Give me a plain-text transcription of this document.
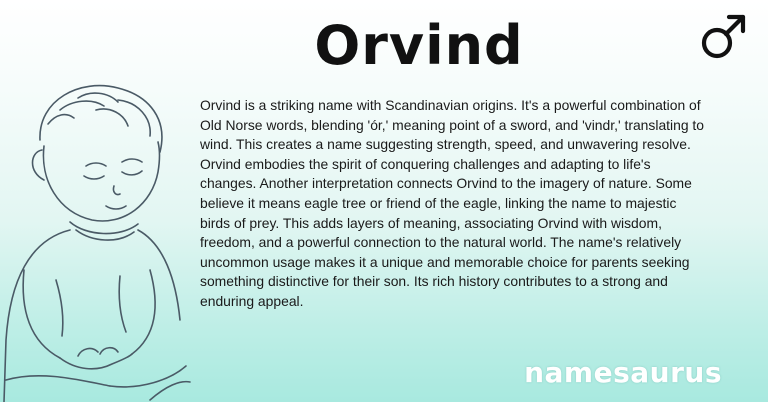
Orvind
Orvind is a striking name with Scandinavian origins. It's a powerful combination of Old Norse words, blending 'ór,' meaning point of a sword, and 'vindr,' translating to wind. This creates a name suggesting strength, speed, and unwavering resolve. Orvind embodies the spirit of conquering challenges and adapting to life's changes. Another interpretation connects Orvind to the imagery of nature. Some believe it means eagle tree or friend of the eagle, linking the name to majestic birds of prey. This adds layers of meaning, associating Orvind with wisdom, freedom, and a powerful connection to the natural world. The name's relatively uncommon usage makes it a unique and memorable choice for parents seeking something distinctive for their son. Its rich history contributes to a strong and enduring appeal.
namesaurus
